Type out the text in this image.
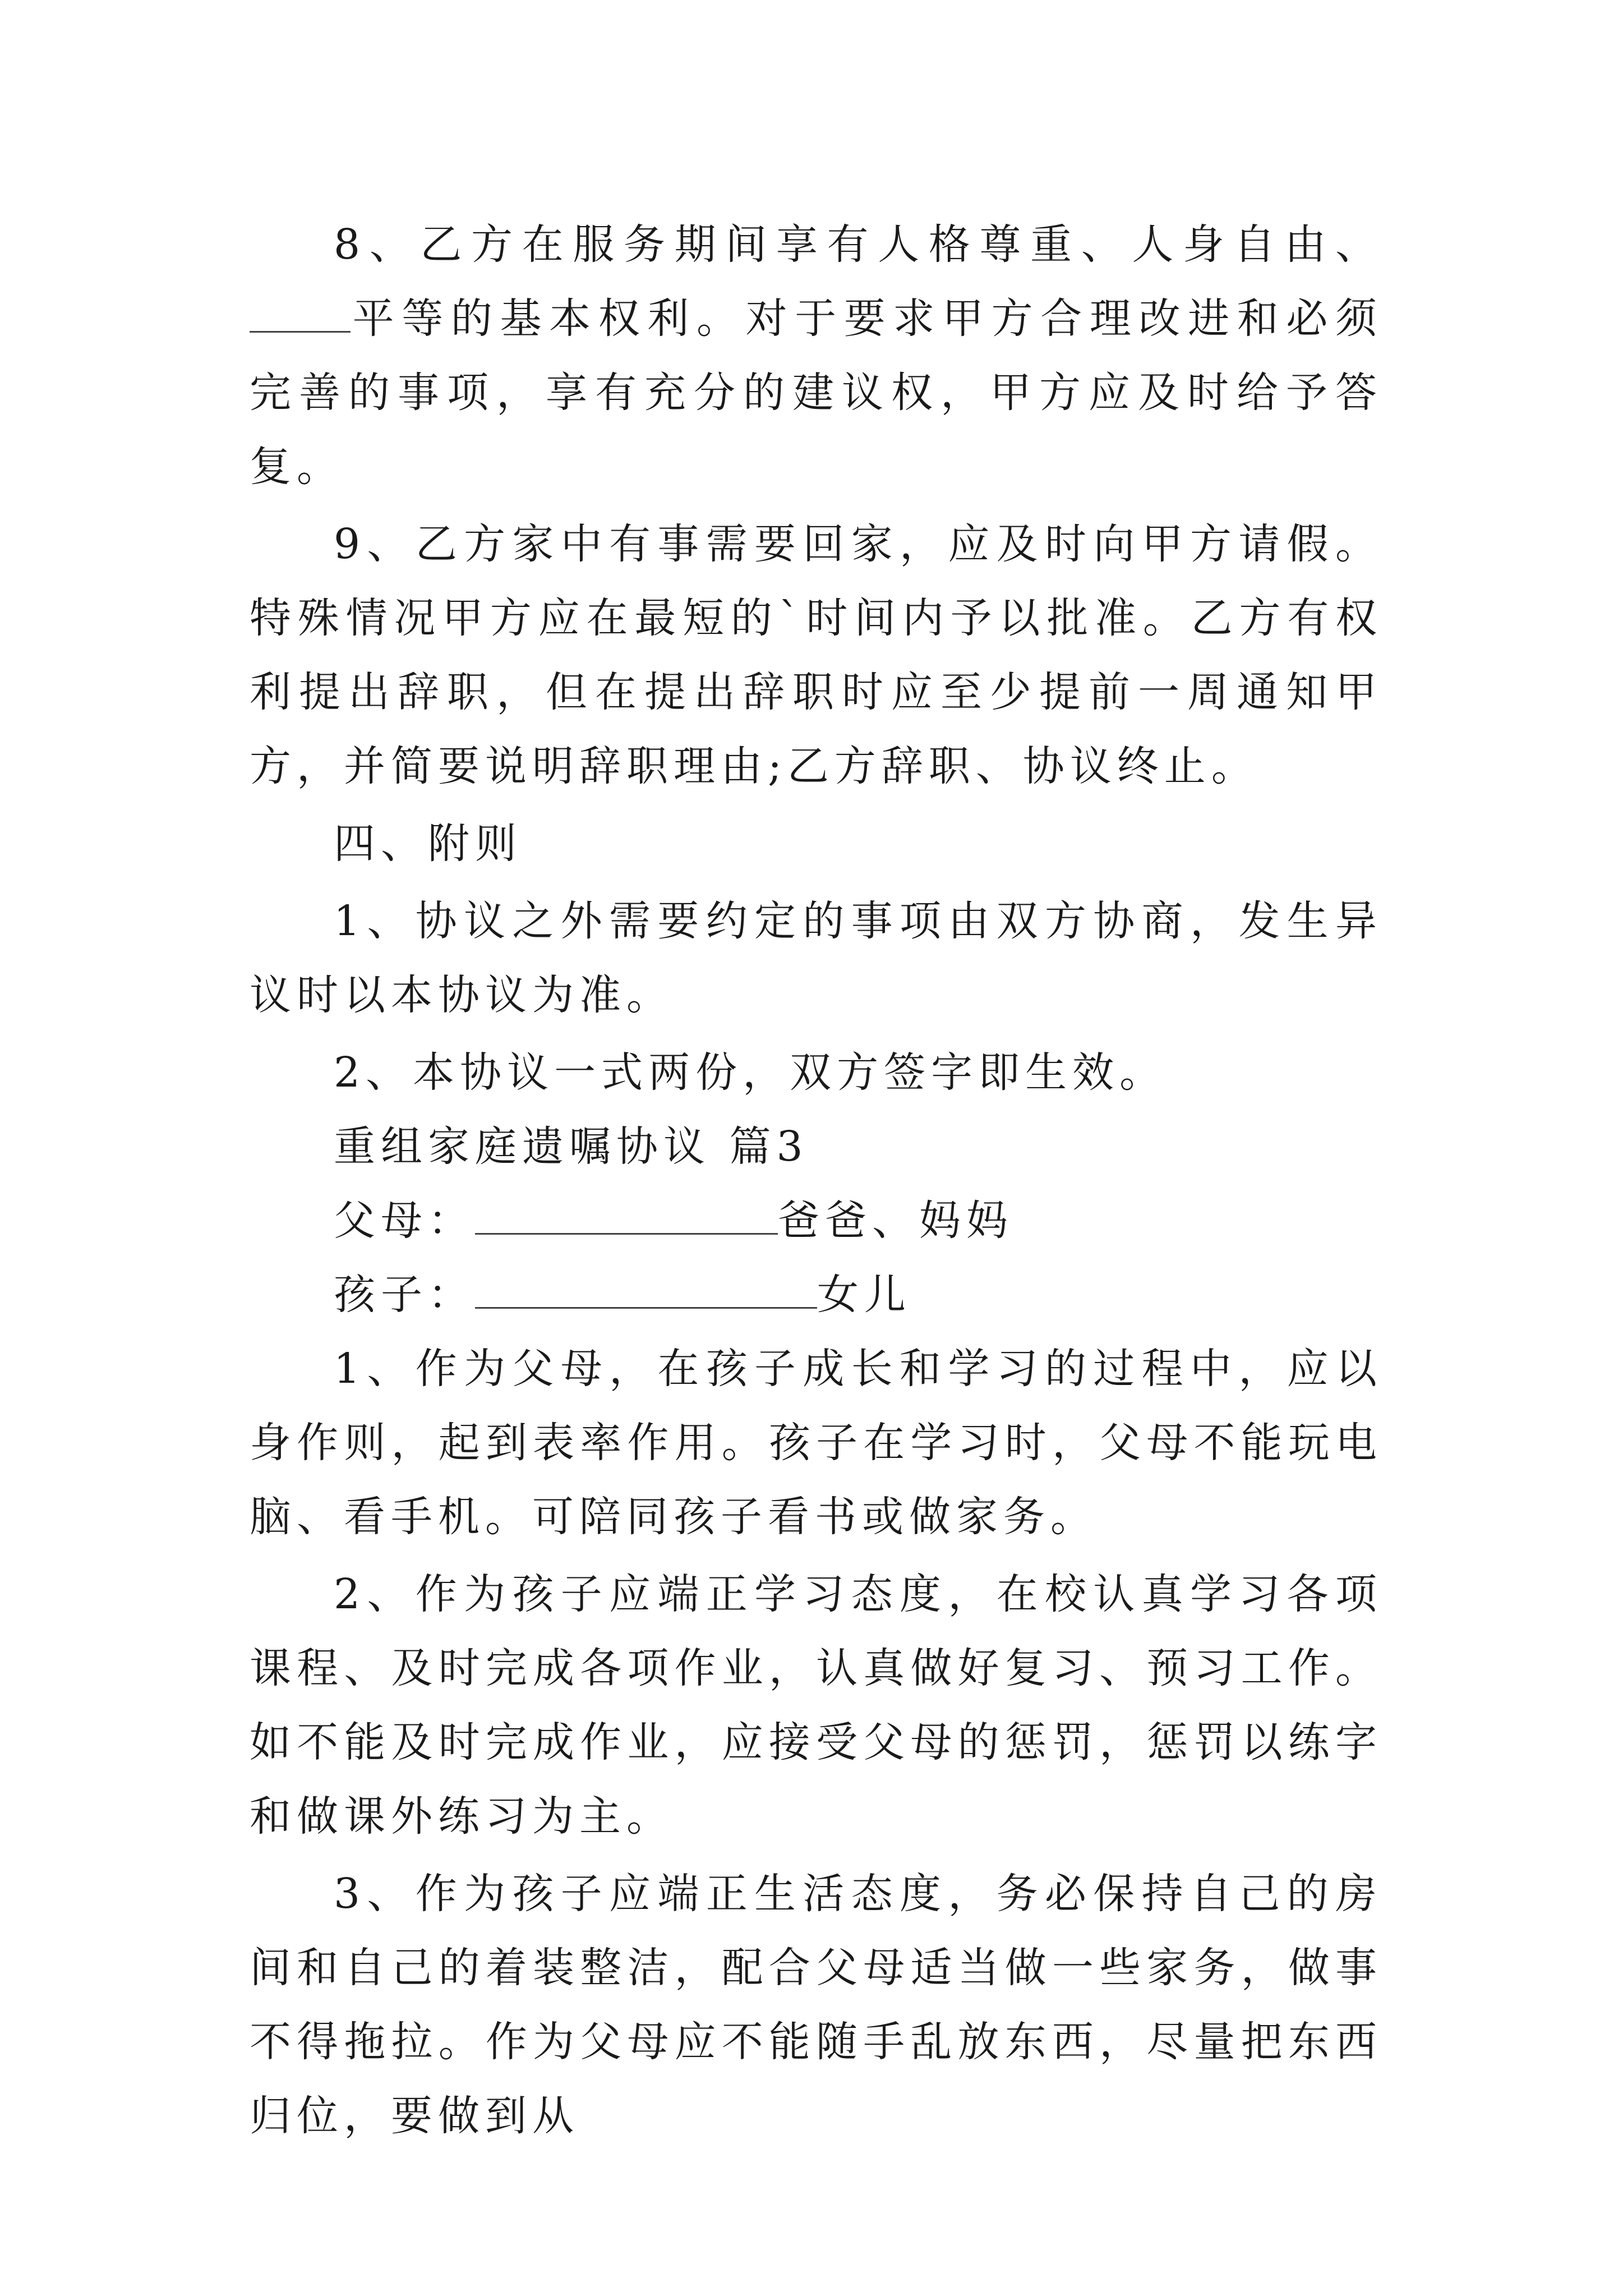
8、乙方在服务期间享有人格尊重、人身自由、平等的基本权利。对于要求甲方合理改进和必须完善的事项，享有充分的建议权，甲方应及时给予答复。

9、乙方家中有事需要回家，应及时向甲方请假。特殊情况甲方应在最短的`时间内予以批准。乙方有权利提出辞职，但在提出辞职时应至少提前一周通知甲方，并简要说明辞职理由;乙方辞职、协议终止。

四、附则

1、协议之外需要约定的事项由双方协商，发生异议时以本协议为准。

2、本协议一式两份，双方签字即生效。

重组家庭遗嘱协议 篇3

父母：	爸爸、妈妈

孩子：	女儿

1、作为父母，在孩子成长和学习的过程中，应以身作则，起到表率作用。孩子在学习时，父母不能玩电脑、看手机。可陪同孩子看书或做家务。

2、作为孩子应端正学习态度，在校认真学习各项课程、及时完成各项作业，认真做好复习、预习工作。如不能及时完成作业，应接受父母的惩罚，惩罚以练字和做课外练习为主。

3、作为孩子应端正生活态度，务必保持自己的房间和自己的着装整洁，配合父母适当做一些家务，做事不得拖拉。作为父母应不能随手乱放东西，尽量把东西归位，要做到从
